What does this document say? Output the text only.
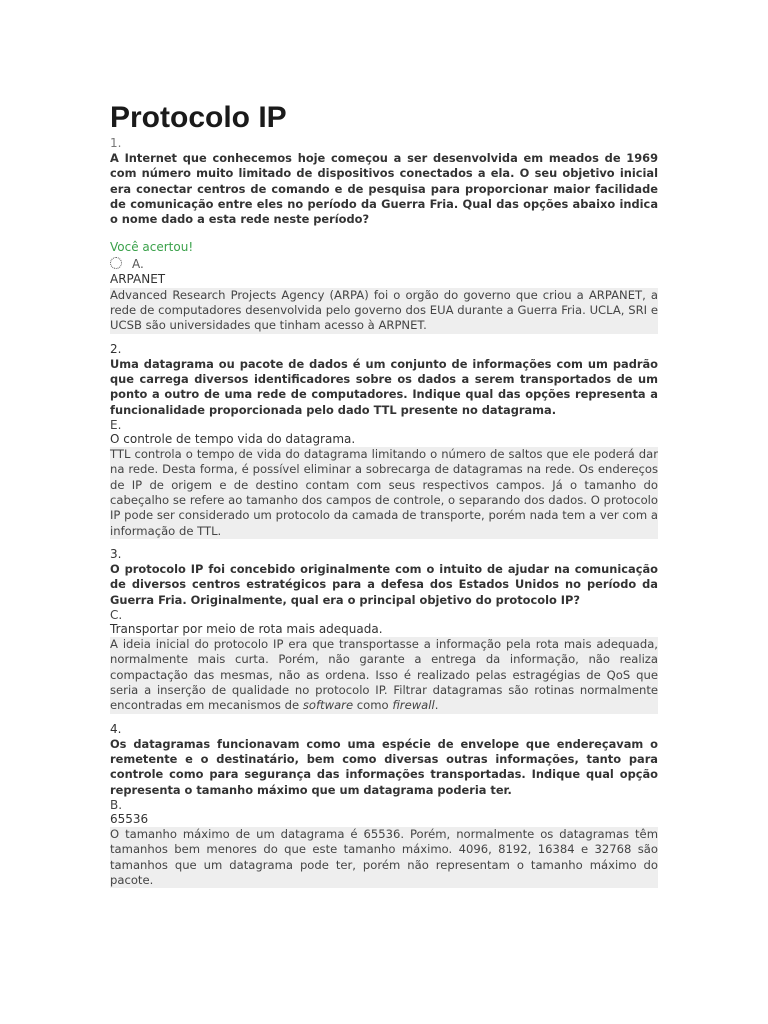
Protocolo IP
1.

A Internet que conhecemos hoje começou a ser desenvolvida em meados de 1969 com número muito limitado de dispositivos conectados a ela. O seu objetivo inicial era conectar centros de comando e de pesquisa para proporcionar maior facilidade de comunicação entre eles no período da Guerra Fria. Qual das opções abaixo indica o nome dado a esta rede neste período?

Você acertou!
A.
ARPANET
Advanced Research Projects Agency (ARPA) foi o orgão do governo que criou a ARPANET, a rede de computadores desenvolvida pelo governo dos EUA durante a Guerra Fria. UCLA, SRI e UCSB são universidades que tinham acesso à ARPNET.
2.

Uma datagrama ou pacote de dados é um conjunto de informações com um padrão que carrega diversos identificadores sobre os dados a serem transportados de um ponto a outro de uma rede de computadores. Indique qual das opções representa a funcionalidade proporcionada pelo dado TTL presente no datagrama.

E.
O controle de tempo vida do datagrama.
TTL controla o tempo de vida do datagrama limitando o número de saltos que ele poderá dar na rede. Desta forma, é possível eliminar a sobrecarga de datagramas na rede. Os endereços de IP de origem e de destino contam com seus respectivos campos. Já o tamanho do cabeçalho se refere ao tamanho dos campos de controle, o separando dos dados. O protocolo IP pode ser considerado um protocolo da camada de transporte, porém nada tem a ver com a informação de TTL.
3.

O protocolo IP foi concebido originalmente com o intuito de ajudar na comunicação de diversos centros estratégicos para a defesa dos Estados Unidos no período da Guerra Fria. Originalmente, qual era o principal objetivo do protocolo IP?

C.
Transportar por meio de rota mais adequada.
A ideia inicial do protocolo IP era que transportasse a informação pela rota mais adequada, normalmente mais curta. Porém, não garante a entrega da informação, não realiza compactação das mesmas, não as ordena. Isso é realizado pelas estragégias de QoS que seria a inserção de qualidade no protocolo IP. Filtrar datagramas são rotinas normalmente encontradas em mecanismos de software como firewall.
4.

Os datagramas funcionavam como uma espécie de envelope que endereçavam o remetente e o destinatário, bem como diversas outras informações, tanto para controle como para segurança das informações transportadas. Indique qual opção representa o tamanho máximo que um datagrama poderia ter.

B.
65536
O tamanho máximo de um datagrama é 65536. Porém, normalmente os datagramas têm tamanhos bem menores do que este tamanho máximo. 4096, 8192, 16384 e 32768 são tamanhos que um datagrama pode ter, porém não representam o tamanho máximo do pacote.
